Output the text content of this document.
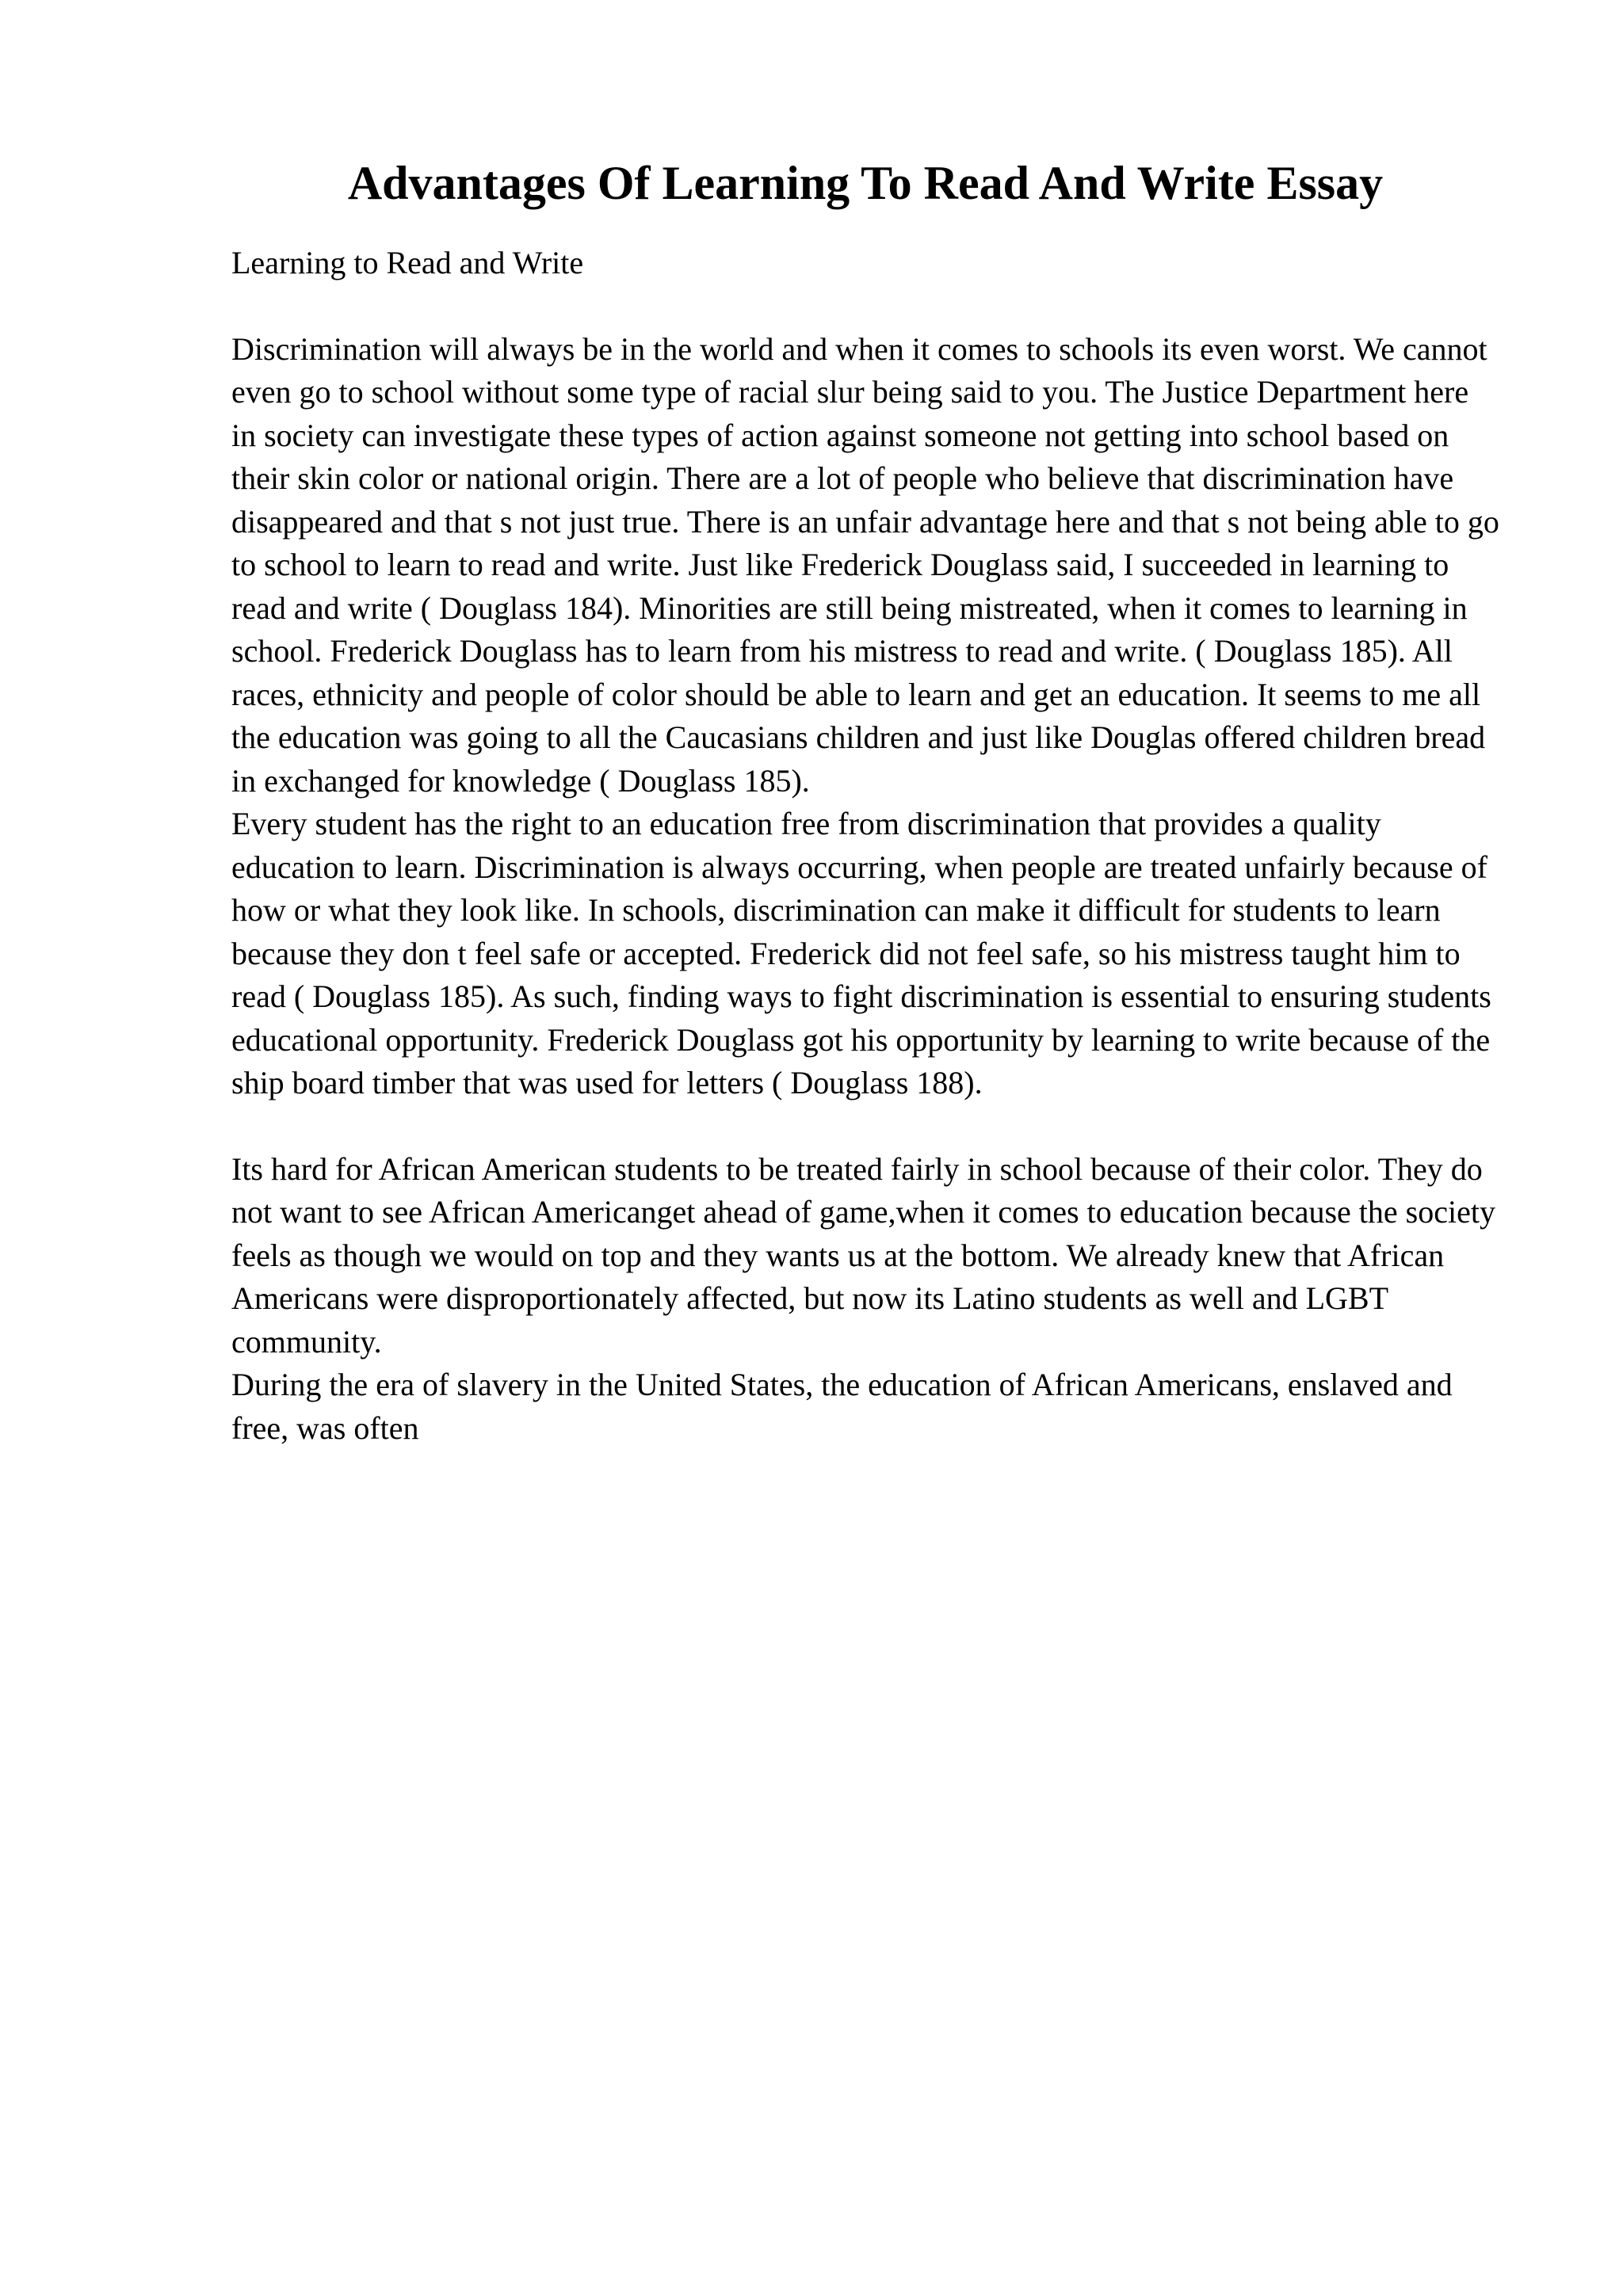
Advantages Of Learning To Read And Write Essay

Learning to Read and Write

Discrimination will always be in the world and when it comes to schools its even worst. We cannot even go to school without some type of racial slur being said to you. The Justice Department here in society can investigate these types of action against someone not getting into school based on their skin color or national origin. There are a lot of people who believe that discrimination have disappeared and that s not just true. There is an unfair advantage here and that s not being able to go to school to learn to read and write. Just like Frederick Douglass said, I succeeded in learning to read and write ( Douglass 184). Minorities are still being mistreated, when it comes to learning in school. Frederick Douglass has to learn from his mistress to read and write. ( Douglass 185). All races, ethnicity and people of color should be able to learn and get an education. It seems to me all the education was going to all the Caucasians children and just like Douglas offered children bread in exchanged for knowledge ( Douglass 185).

Every student has the right to an education free from discrimination that provides a quality education to learn. Discrimination is always occurring, when people are treated unfairly because of how or what they look like. In schools, discrimination can make it difficult for students to learn because they don t feel safe or accepted. Frederick did not feel safe, so his mistress taught him to read ( Douglass 185). As such, finding ways to fight discrimination is essential to ensuring students educational opportunity. Frederick Douglass got his opportunity by learning to write because of the ship board timber that was used for letters ( Douglass 188).

Its hard for African American students to be treated fairly in school because of their color. They do not want to see African Americanget ahead of game,when it comes to education because the society feels as though we would on top and they wants us at the bottom. We already knew that African Americans were disproportionately affected, but now its Latino students as well and LGBT community.

During the era of slavery in the United States, the education of African Americans, enslaved and free, was often
